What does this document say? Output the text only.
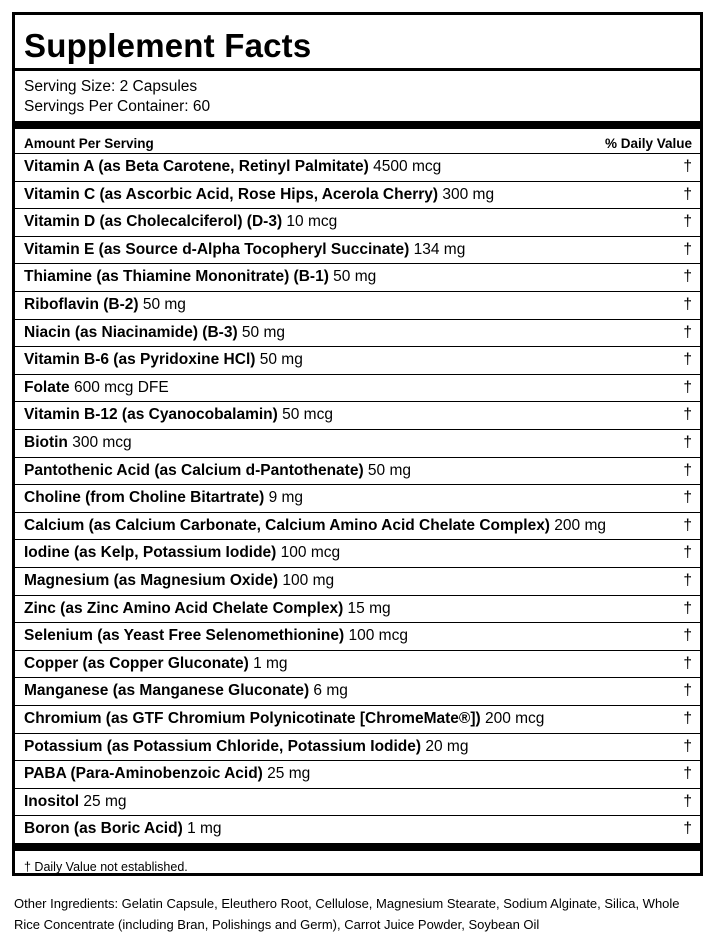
Supplement Facts
Serving Size: 2 Capsules
Servings Per Container: 60
Amount Per Serving	% Daily Value
Vitamin A (as Beta Carotene, Retinyl Palmitate) 4500 mcg	†
Vitamin C (as Ascorbic Acid, Rose Hips, Acerola Cherry) 300 mg	†
Vitamin D (as Cholecalciferol) (D-3) 10 mcg	†
Vitamin E (as Source d-Alpha Tocopheryl Succinate) 134 mg	†
Thiamine (as Thiamine Mononitrate) (B-1) 50 mg	†
Riboflavin (B-2) 50 mg	†
Niacin (as Niacinamide) (B-3) 50 mg	†
Vitamin B-6 (as Pyridoxine HCl) 50 mg	†
Folate 600 mcg DFE	†
Vitamin B-12 (as Cyanocobalamin) 50 mcg	†
Biotin 300 mcg	†
Pantothenic Acid (as Calcium d-Pantothenate) 50 mg	†
Choline (from Choline Bitartrate) 9 mg	†
Calcium (as Calcium Carbonate, Calcium Amino Acid Chelate Complex) 200 mg	†
Iodine (as Kelp, Potassium Iodide) 100 mcg	†
Magnesium (as Magnesium Oxide) 100 mg	†
Zinc (as Zinc Amino Acid Chelate Complex) 15 mg	†
Selenium (as Yeast Free Selenomethionine) 100 mcg	†
Copper (as Copper Gluconate) 1 mg	†
Manganese (as Manganese Gluconate) 6 mg	†
Chromium (as GTF Chromium Polynicotinate [ChromeMate®]) 200 mcg	†
Potassium (as Potassium Chloride, Potassium Iodide) 20 mg	†
PABA (Para-Aminobenzoic Acid) 25 mg	†
Inositol 25 mg	†
Boron (as Boric Acid) 1 mg	†
† Daily Value not established.
Other Ingredients: Gelatin Capsule, Eleuthero Root, Cellulose, Magnesium Stearate, Sodium Alginate, Silica, Whole Rice Concentrate (including Bran, Polishings and Germ), Carrot Juice Powder, Soybean Oil
